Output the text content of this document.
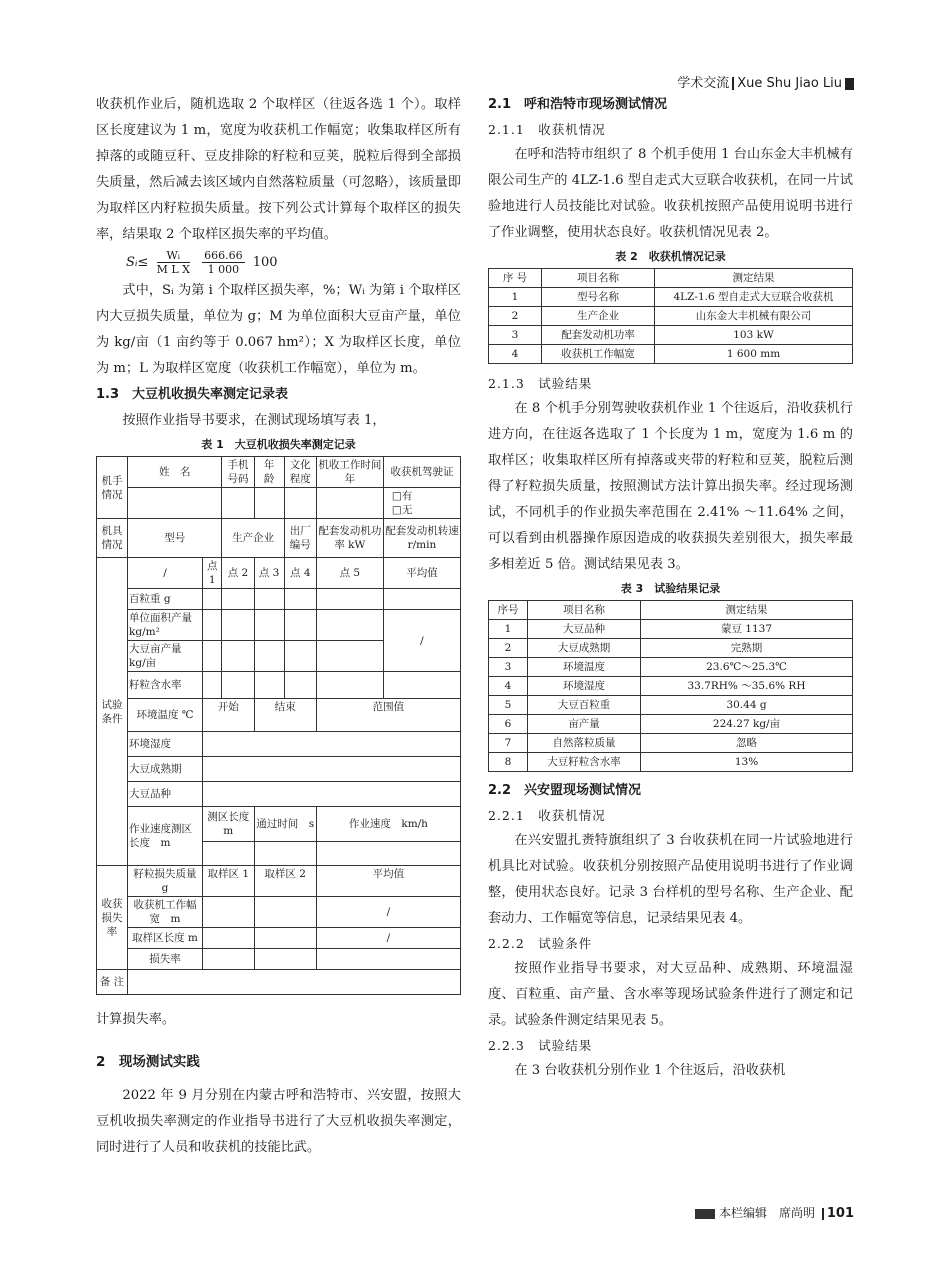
学术交流 Xue Shu Jiao Liu

收获机作业后，随机选取 2 个取样区（往返各选 1 个）。取样区长度建议为 1 m，宽度为收获机工作幅宽；收集取样区所有掉落的或随豆秆、豆皮排除的籽粒和豆荚，脱粒后得到全部损失质量，然后减去该区域内自然落粒质量（可忽略），该质量即为取样区内籽粒损失质量。按下列公式计算每个取样区的损失率，结果取 2 个取样区损失率的平均值。

Sᵢ≤ $\frac{\text{Wᵢ}}{\text{M L X}}$
$\frac{666.66}{1 000} 100$

式中，Sᵢ 为第 i 个取样区损失率，%；Wᵢ 为第 i 个取样区内大豆损失质量，单位为 g；M 为单位面积大豆亩产量，单位为 kg/亩（1 亩约等于 0.067 hm²）；X 为取样区长度，单位为 m；L 为取样区宽度（收获机工作幅宽），单位为 m。

1.3　大豆机收损失率测定记录表

按照作业指导书要求，在测试现场填写表 1，

表 1　大豆机收损失率测定记录
机手
情况	姓　名		手机号码	年　龄	文化程度	机收工作时间　年	收获机驾驶证
							□有
□无
机具
情况	型号		生产企业		出厂编号	配套发动机功率 kW	配套发动机转速 r/min
试验
条件	/	点 1	点 2	点 3	点 4	点 5	平均值
	百粒重 g						
	单位面积产量 kg/m²						/
	大豆亩产量 kg/亩						
	籽粒含水率						
	环境温度 ℃	开始		结束		范围值	
	环境湿度						
	大豆成熟期						
	大豆品种						
	作业速度测区长度　m	测区长度　m		通过时间　s		作业速度　km/h	

收获
损失
率	籽粒损失质量　g	取样区 1		取样区 2		平均值	
	收获机工作幅宽　m					/	
	取样区长度 m					/	
	损失率						
备 注							

计算损失率。

2　现场测试实践

2022 年 9 月分别在内蒙古呼和浩特市、兴安盟，按照大豆机收损失率测定的作业指导书进行了大豆机收损失率测定，同时进行了人员和收获机的技能比武。

2.1　呼和浩特市现场测试情况
2.1.1　收获机情况

在呼和浩特市组织了 8 个机手使用 1 台山东金大丰机械有限公司生产的 4LZ-1.6 型自走式大豆联合收获机，在同一片试验地进行人员技能比对试验。收获机按照产品使用说明书进行了作业调整，使用状态良好。收获机情况见表 2。

表 2　收获机情况记录
序 号	项目名称	测定结果
1	型号名称	4LZ-1.6 型自走式大豆联合收获机
2	生产企业	山东金大丰机械有限公司
3	配套发动机功率	103 kW
4	收获机工作幅宽	1 600 mm
2.1.3　试验结果

在 8 个机手分别驾驶收获机作业 1 个往返后，沿收获机行进方向，在往返各选取了 1 个长度为 1 m，宽度为 1.6 m 的取样区；收集取样区所有掉落或夹带的籽粒和豆荚，脱粒后测得了籽粒损失质量，按照测试方法计算出损失率。经过现场测试，不同机手的作业损失率范围在 2.41% ～11.64% 之间，可以看到由机器操作原因造成的收获损失差别很大，损失率最多相差近 5 倍。测试结果见表 3。

表 3　试验结果记录
序号	项目名称	测定结果
1	大豆品种	蒙豆 1137
2	大豆成熟期	完熟期
3	环境温度	23.6℃～25.3℃
4	环境湿度	33.7RH% ～35.6% RH
5	大豆百粒重	30.44 g
6	亩产量	224.27 kg/亩
7	自然落粒质量	忽略
8	大豆籽粒含水率	13%
2.2　兴安盟现场测试情况
2.2.1　收获机情况

在兴安盟扎赉特旗组织了 3 台收获机在同一片试验地进行机具比对试验。收获机分别按照产品使用说明书进行了作业调整，使用状态良好。记录 3 台样机的型号名称、生产企业、配套动力、工作幅宽等信息，记录结果见表 4。

2.2.2　试验条件

按照作业指导书要求，对大豆品种、成熟期、环境温湿度、百粒重、亩产量、含水率等现场试验条件进行了测定和记录。试验条件测定结果见表 5。

2.2.3　试验结果

在 3 台收获机分别作业 1 个往返后，沿收获机

本栏编辑　席尚明 101
